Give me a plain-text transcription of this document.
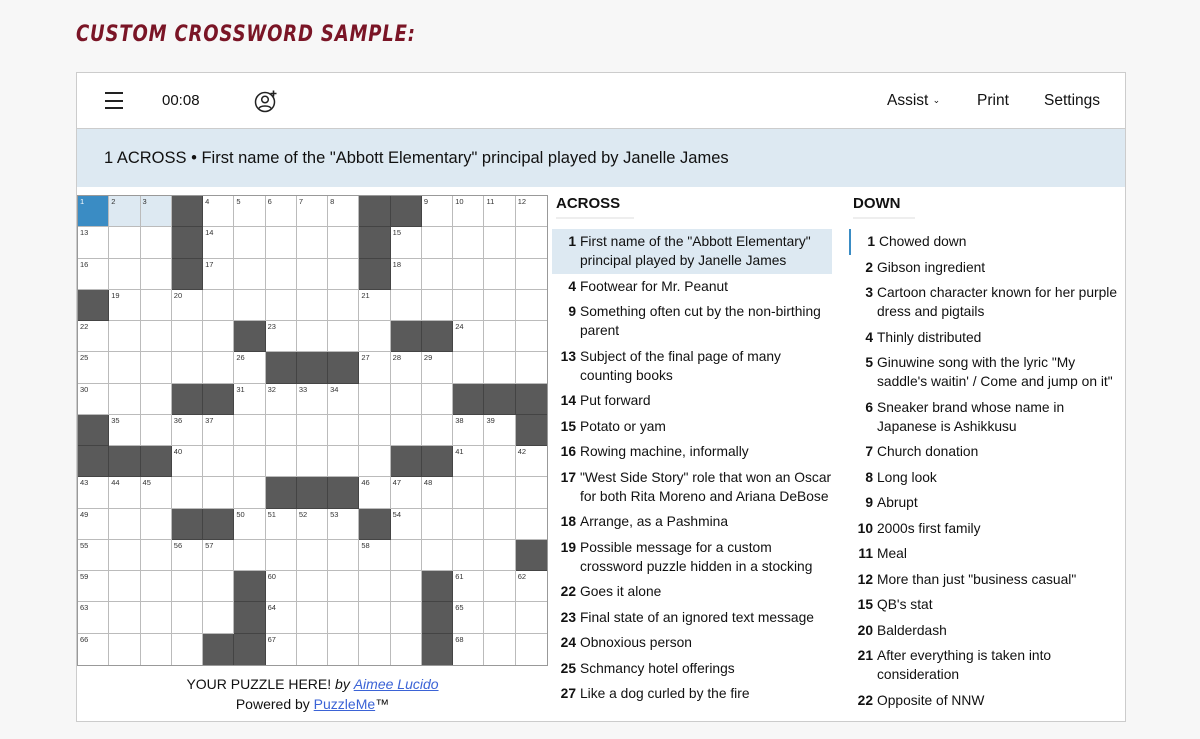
CUSTOM CROSSWORD SAMPLE:
00:08	Assist ⌄ Print Settings
1 ACROSS • First name of the "Abbott Elementary" principal played by Janelle James
1	2	3	4	5	6	7	8	9	10	11	12
13	14	15
16	17	18
19	20	21
22	23	24
25	26	27	28	29
30	31	32	33	34
35	36	37	38	39
40	41	42
43	44	45	46	47	48
49	50	51	52	53	54
55	56	57	58
59	60	61	62
63	64	65
66	67	68
YOUR PUZZLE HERE! by Aimee Lucido
Powered by PuzzleMe™
ACROSS
1 First name of the "Abbott Elementary" principal played by Janelle James
4 Footwear for Mr. Peanut
9 Something often cut by the non-birthing parent
13 Subject of the final page of many counting books
14 Put forward
15 Potato or yam
16 Rowing machine, informally
17 "West Side Story" role that won an Oscar for both Rita Moreno and Ariana DeBose
18 Arrange, as a Pashmina
19 Possible message for a custom crossword puzzle hidden in a stocking
22 Goes it alone
23 Final state of an ignored text message
24 Obnoxious person
25 Schmancy hotel offerings
27 Like a dog curled by the fire
DOWN
1 Chowed down
2 Gibson ingredient
3 Cartoon character known for her purple dress and pigtails
4 Thinly distributed
5 Ginuwine song with the lyric "My saddle's waitin' / Come and jump on it"
6 Sneaker brand whose name in Japanese is Ashikkusu
7 Church donation
8 Long look
9 Abrupt
10 2000s first family
11 Meal
12 More than just "business casual"
15 QB's stat
20 Balderdash
21 After everything is taken into consideration
22 Opposite of NNW
